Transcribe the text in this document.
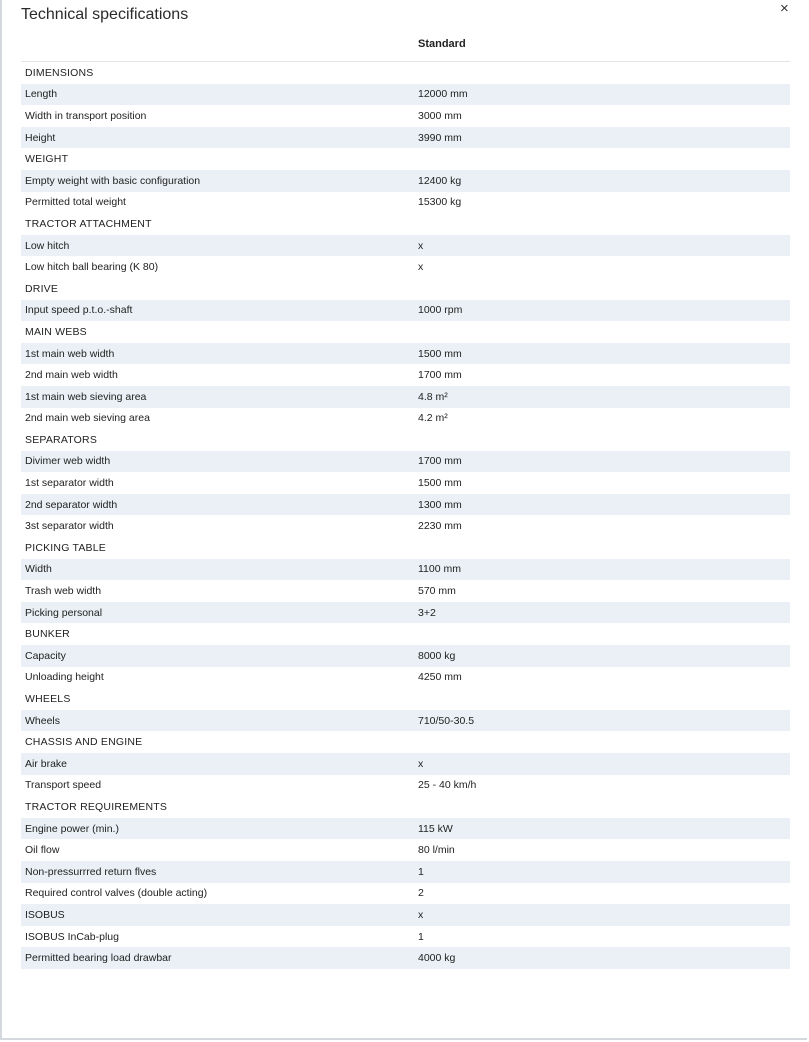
Technical specifications	×
Standard
DIMENSIONS
Length	12000 mm
Width in transport position	3000 mm
Height	3990 mm
WEIGHT
Empty weight with basic configuration	12400 kg
Permitted total weight	15300 kg
TRACTOR ATTACHMENT
Low hitch	x
Low hitch ball bearing (K 80)	x
DRIVE
Input speed p.t.o.-shaft	1000 rpm
MAIN WEBS
1st main web width	1500 mm
2nd main web width	1700 mm
1st main web sieving area	4.8 m²
2nd main web sieving area	4.2 m²
SEPARATORS
Divimer web width	1700 mm
1st separator width	1500 mm
2nd separator width	1300 mm
3st separator width	2230 mm
PICKING TABLE
Width	1100 mm
Trash web width	570 mm
Picking personal	3+2
BUNKER
Capacity	8000 kg
Unloading height	4250 mm
WHEELS
Wheels	710/50-30.5
CHASSIS AND ENGINE
Air brake	x
Transport speed	25 - 40 km/h
TRACTOR REQUIREMENTS
Engine power (min.)	115 kW
Oil flow	80 l/min
Non-pressurrred return flves	1
Required control valves (double acting)	2
ISOBUS	x
ISOBUS InCab-plug	1
Permitted bearing load drawbar	4000 kg
